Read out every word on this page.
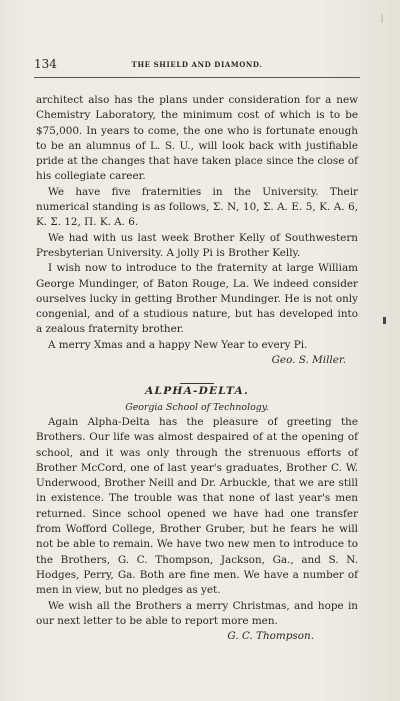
134	THE SHIELD AND DIAMOND.

architect also has the plans under consideration for a new Chemistry Laboratory, the minimum cost of which is to be $75,000. In years to come, the one who is fortunate enough to be an alumnus of L. S. U., will look back with justifiable pride at the changes that have taken place since the close of his collegiate career.

We have five fraternities in the University. Their numerical standing is as follows, Σ. Ν, 10, Σ. Α. Ε. 5, Κ. Α. 6, Κ. Σ. 12, Π. Κ. Α. 6.

We had with us last week Brother Kelly of Southwestern Presbyterian University. A jolly Pi is Brother Kelly.

I wish now to introduce to the fraternity at large William George Mundinger, of Baton Rouge, La. We indeed consider ourselves lucky in getting Brother Mundinger. He is not only congenial, and of a studious nature, but has developed into a zealous fraternity brother.

A merry Xmas and a happy New Year to every Pi.

Geo. S. Miller.

ALPHA-DELTA.

Georgia School of Technology.

Again Alpha-Delta has the pleasure of greeting the Brothers. Our life was almost despaired of at the opening of school, and it was only through the strenuous efforts of Brother McCord, one of last year's graduates, Brother C. W. Underwood, Brother Neill and Dr. Arbuckle, that we are still in existence. The trouble was that none of last year's men returned. Since school opened we have had one transfer from Wofford College, Brother Gruber, but he fears he will not be able to remain. We have two new men to introduce to the Brothers, G. C. Thompson, Jackson, Ga., and S. N. Hodges, Perry, Ga. Both are fine men. We have a number of men in view, but no pledges as yet.

We wish all the Brothers a merry Christmas, and hope in our next letter to be able to report more men.

G. C. Thompson.
